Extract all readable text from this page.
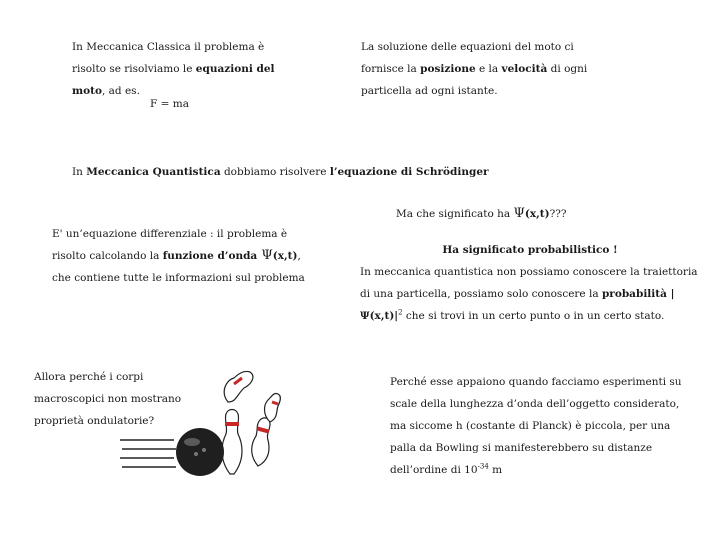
In Meccanica Classica il problema è risolto se risolviamo le equazioni del moto, ad es.
F = ma
La soluzione delle equazioni del moto ci fornisce la posizione e la velocità di ogni particella ad ogni istante.
In Meccanica Quantistica dobbiamo risolvere l’equazione di Schrödinger
Ma che significato ha Ψ(x,t)???
E' un’equazione differenziale : il problema è risolto calcolando la funzione d’onda Ψ(x,t), che contiene tutte le informazioni sul problema
Ha significato probabilistico !
In meccanica quantistica non possiamo conoscere la traiettoria di una particella, possiamo solo conoscere la probabilità $|\Psi(x,t)|^2$ che si trovi in un certo punto o in un certo stato.
Allora perché i corpi macroscopici non mostrano proprietà ondulatorie?
Perché esse appaiono quando facciamo esperimenti su scale della lunghezza d’onda dell’oggetto considerato, ma siccome h (costante di Planck) è piccola, per una palla da Bowling si manifesterebbero su distanze dell’ordine di $10^{-34}$ m
